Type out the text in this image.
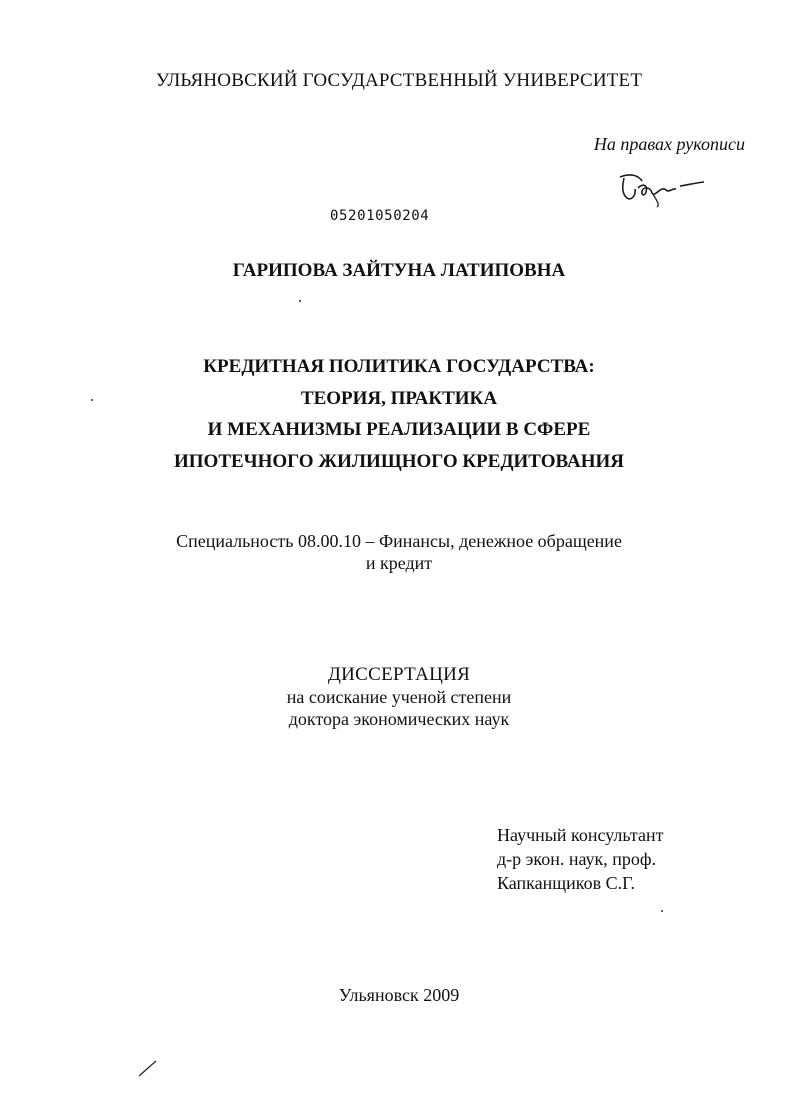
УЛЬЯНОВСКИЙ ГОСУДАРСТВЕННЫЙ УНИВЕРСИТЕТ
На правах рукописи
05201050204
ГАРИПОВА ЗАЙТУНА ЛАТИПОВНА
КРЕДИТНАЯ ПОЛИТИКА ГОСУДАРСТВА:
ТЕОРИЯ, ПРАКТИКА
И МЕХАНИЗМЫ РЕАЛИЗАЦИИ В СФЕРЕ
ИПОТЕЧНОГО ЖИЛИЩНОГО КРЕДИТОВАНИЯ
Специальность 08.00.10 – Финансы, денежное обращение
и кредит
ДИССЕРТАЦИЯ
на соискание ученой степени
доктора экономических наук
Научный консультант
д-р экон. наук, проф.
Капканщиков С.Г.
Ульяновск 2009
